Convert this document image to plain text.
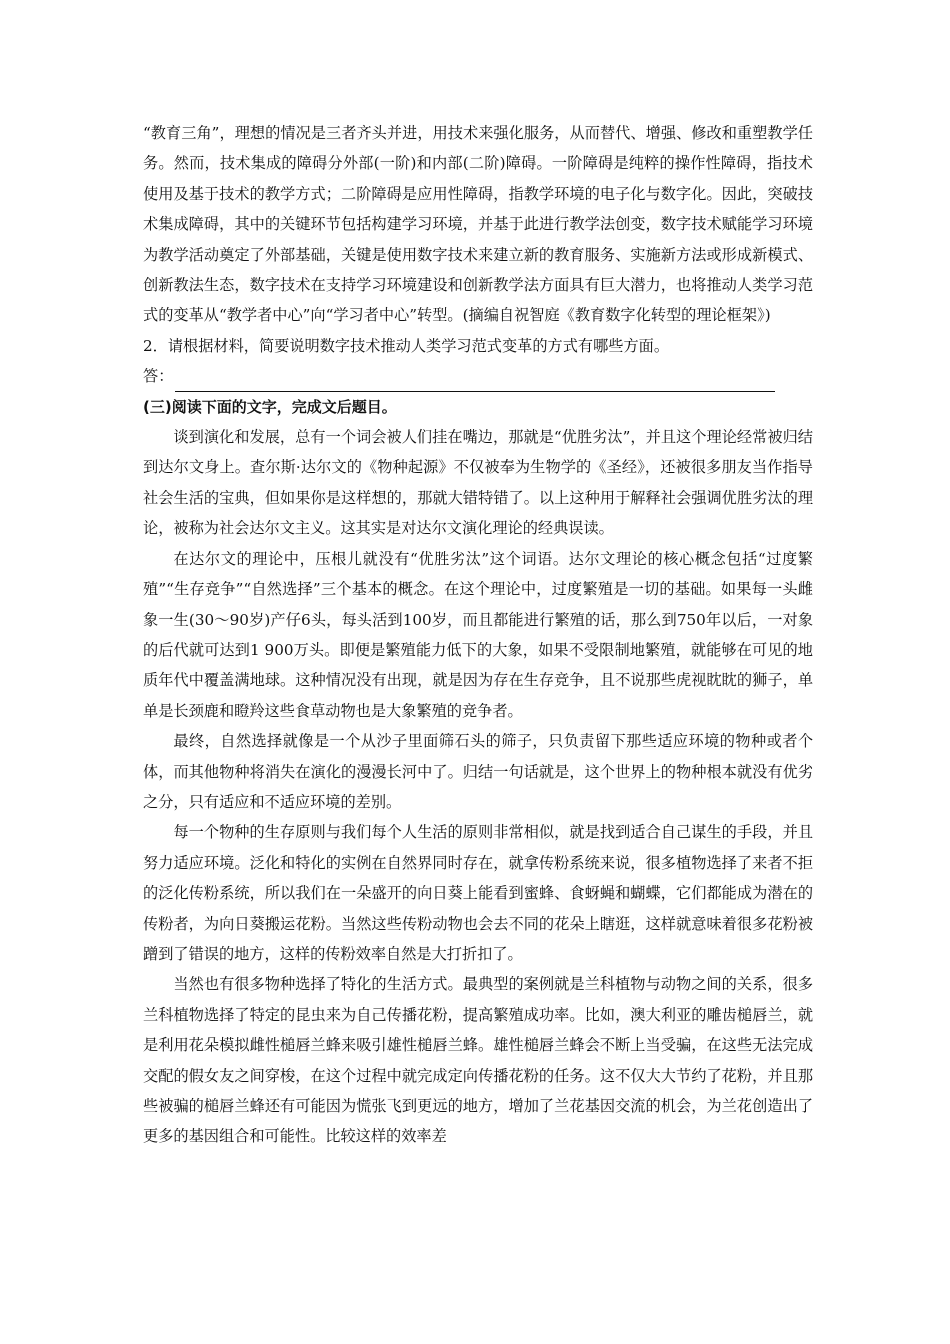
“教育三角”，理想的情况是三者齐头并进，用技术来强化服务，从而替代、增强、修改和重塑教学任务。然而，技术集成的障碍分外部(一阶)和内部(二阶)障碍。一阶障碍是纯粹的操作性障碍，指技术使用及基于技术的教学方式；二阶障碍是应用性障碍，指教学环境的电子化与数字化。因此，突破技术集成障碍，其中的关键环节包括构建学习环境，并基于此进行教学法创变，数字技术赋能学习环境为教学活动奠定了外部基础，关键是使用数字技术来建立新的教育服务、实施新方法或形成新模式、创新教法生态，数字技术在支持学习环境建设和创新教学法方面具有巨大潜力，也将推动人类学习范式的变革从“教学者中心”向“学习者中心”转型。(摘编自祝智庭《教育数字化转型的理论框架》)

2．请根据材料，简要说明数字技术推动人类学习范式变革的方式有哪些方面。

答：

(三)阅读下面的文字，完成文后题目。

谈到演化和发展，总有一个词会被人们挂在嘴边，那就是“优胜劣汰”，并且这个理论经常被归结到达尔文身上。查尔斯·达尔文的《物种起源》不仅被奉为生物学的《圣经》，还被很多朋友当作指导社会生活的宝典，但如果你是这样想的，那就大错特错了。以上这种用于解释社会强调优胜劣汰的理论，被称为社会达尔文主义。这其实是对达尔文演化理论的经典误读。

在达尔文的理论中，压根儿就没有“优胜劣汰”这个词语。达尔文理论的核心概念包括“过度繁殖”“生存竞争”“自然选择”三个基本的概念。在这个理论中，过度繁殖是一切的基础。如果每一头雌象一生(30～90岁)产仔6头，每头活到100岁，而且都能进行繁殖的话，那么到750年以后，一对象的后代就可达到1 900万头。即便是繁殖能力低下的大象，如果不受限制地繁殖，就能够在可见的地质年代中覆盖满地球。这种情况没有出现，就是因为存在生存竞争，且不说那些虎视眈眈的狮子，单单是长颈鹿和瞪羚这些食草动物也是大象繁殖的竞争者。

最终，自然选择就像是一个从沙子里面筛石头的筛子，只负责留下那些适应环境的物种或者个体，而其他物种将消失在演化的漫漫长河中了。归结一句话就是，这个世界上的物种根本就没有优劣之分，只有适应和不适应环境的差别。

每一个物种的生存原则与我们每个人生活的原则非常相似，就是找到适合自己谋生的手段，并且努力适应环境。泛化和特化的实例在自然界同时存在，就拿传粉系统来说，很多植物选择了来者不拒的泛化传粉系统，所以我们在一朵盛开的向日葵上能看到蜜蜂、食蚜蝇和蝴蝶，它们都能成为潜在的传粉者，为向日葵搬运花粉。当然这些传粉动物也会去不同的花朵上瞎逛，这样就意味着很多花粉被蹭到了错误的地方，这样的传粉效率自然是大打折扣了。

当然也有很多物种选择了特化的生活方式。最典型的案例就是兰科植物与动物之间的关系，很多兰科植物选择了特定的昆虫来为自己传播花粉，提高繁殖成功率。比如，澳大利亚的雕齿槌唇兰，就是利用花朵模拟雌性槌唇兰蜂来吸引雄性槌唇兰蜂。雄性槌唇兰蜂会不断上当受骗，在这些无法完成交配的假女友之间穿梭，在这个过程中就完成定向传播花粉的任务。这不仅大大节约了花粉，并且那些被骗的槌唇兰蜂还有可能因为慌张飞到更远的地方，增加了兰花基因交流的机会，为兰花创造出了更多的基因组合和可能性。比较这样的效率差
